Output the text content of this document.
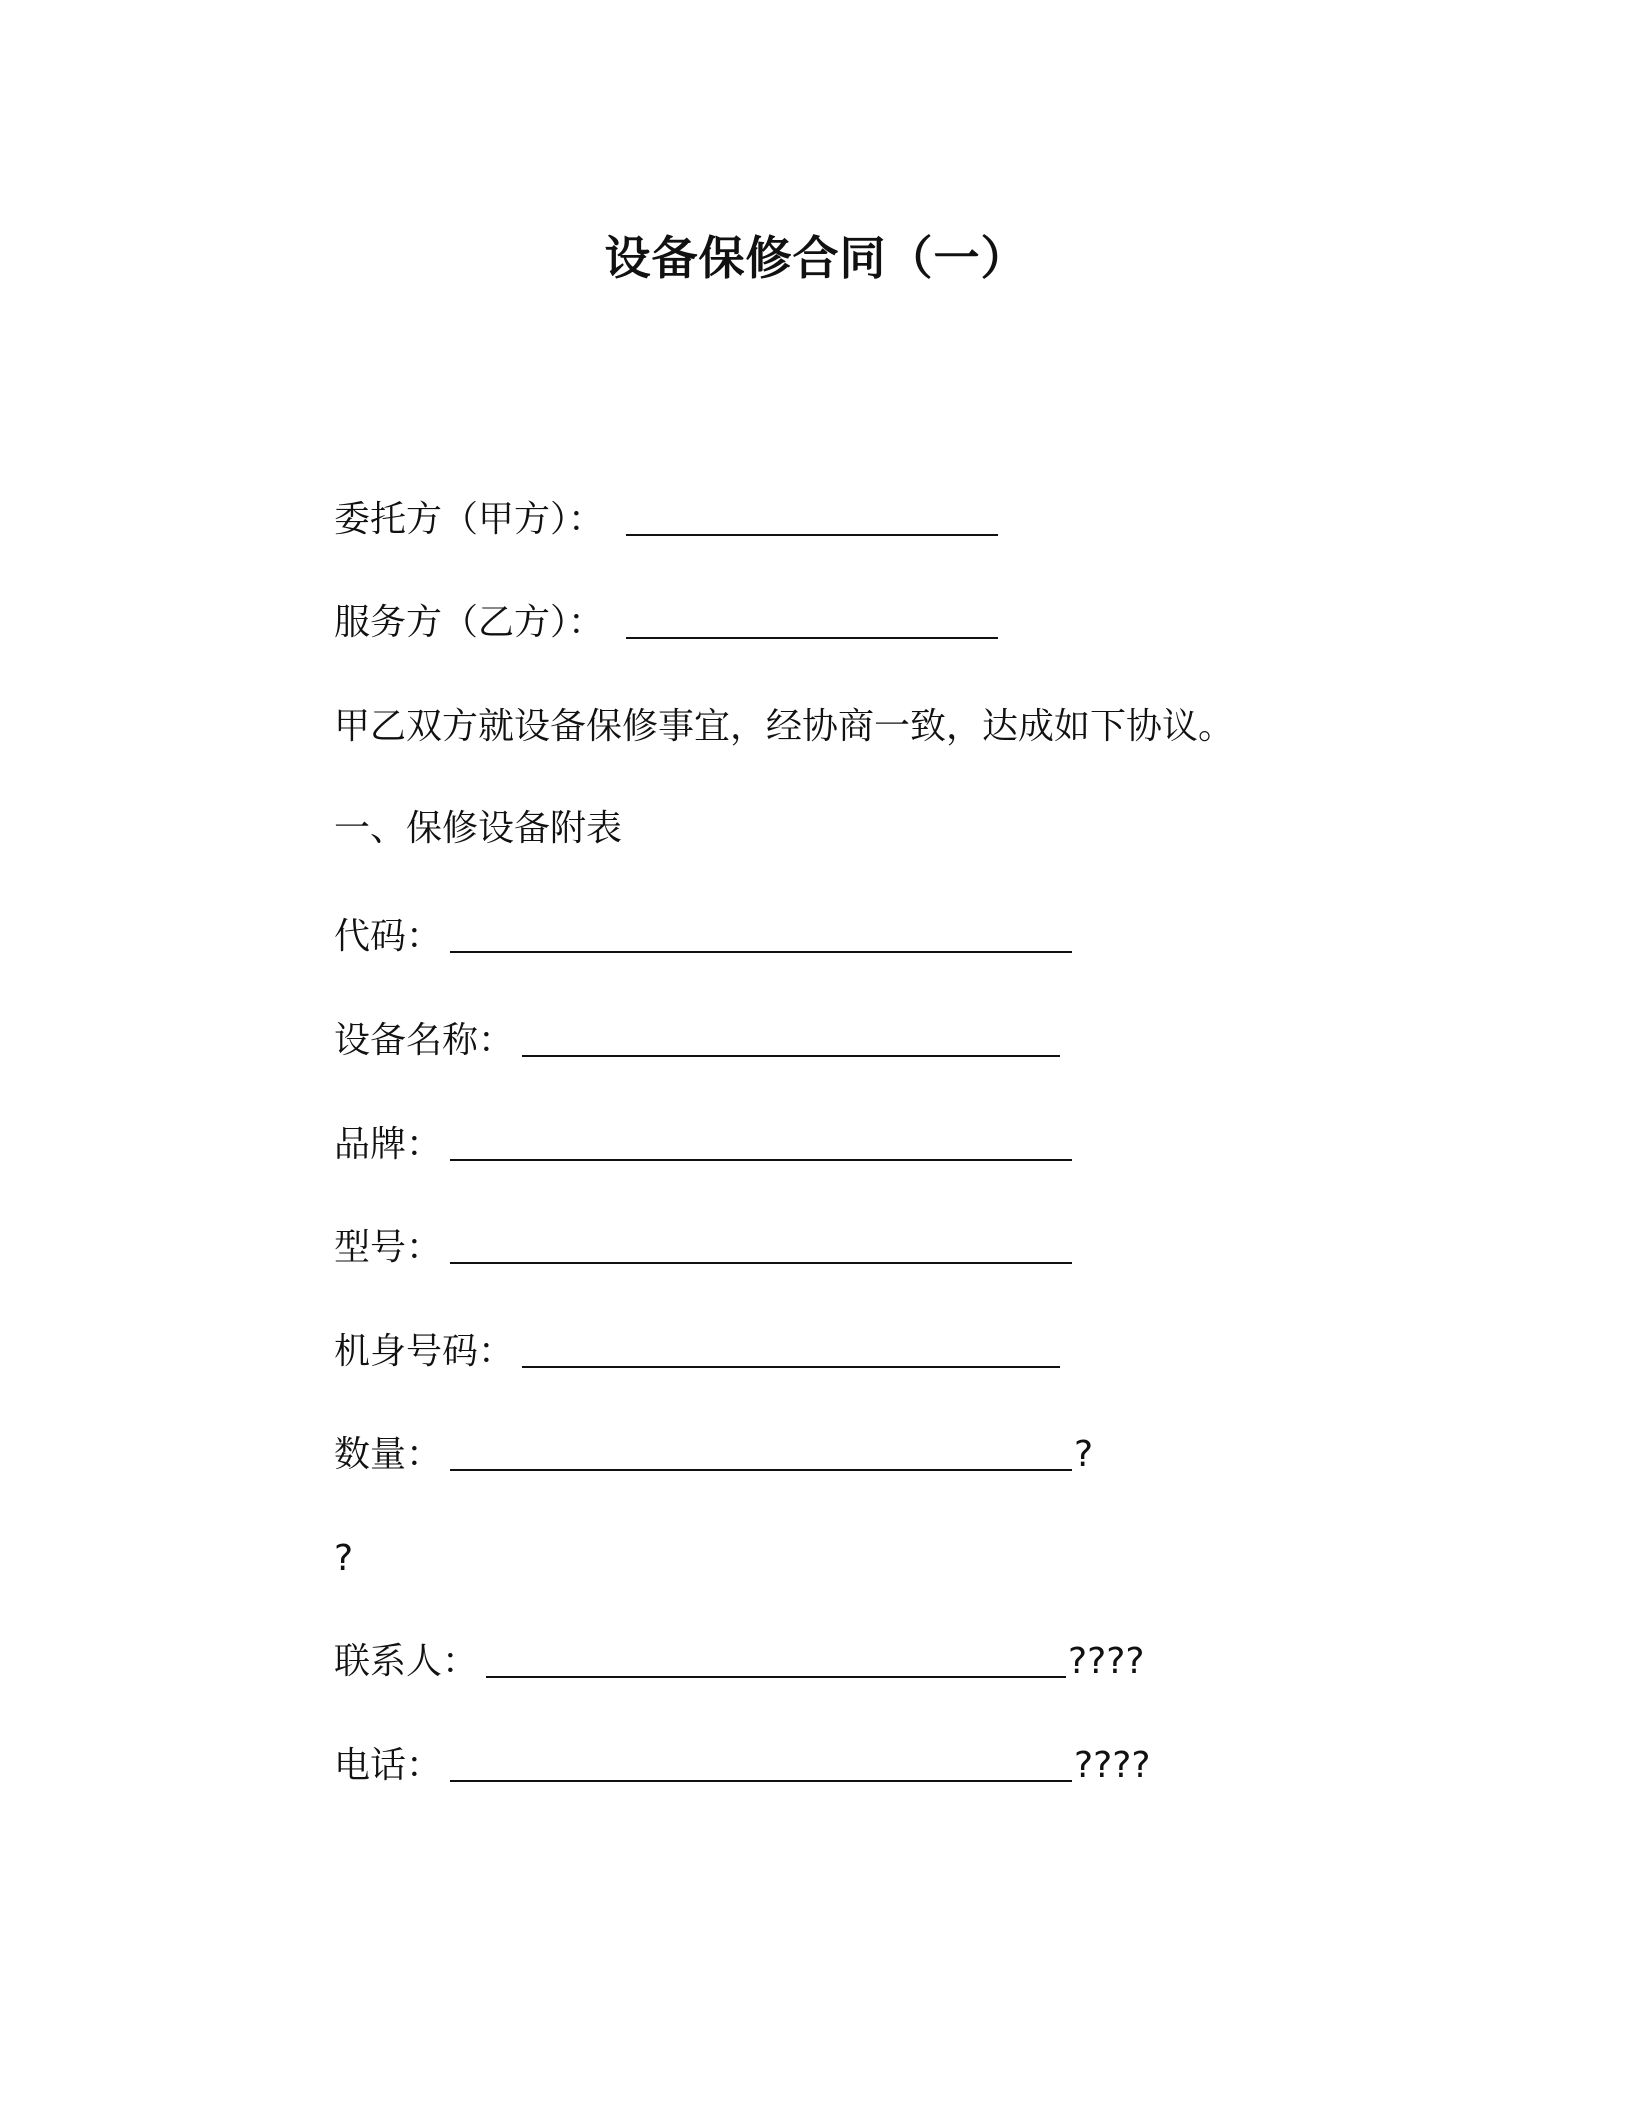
设备保修合同（一）
委托方（甲方）：
服务方（乙方）：
甲乙双方就设备保修事宜，经协商一致，达成如下协议。
一、保修设备附表
代码：
设备名称：
品牌：
型号：
机身号码：
数量：	?
?
联系人：	????
电话：	????
